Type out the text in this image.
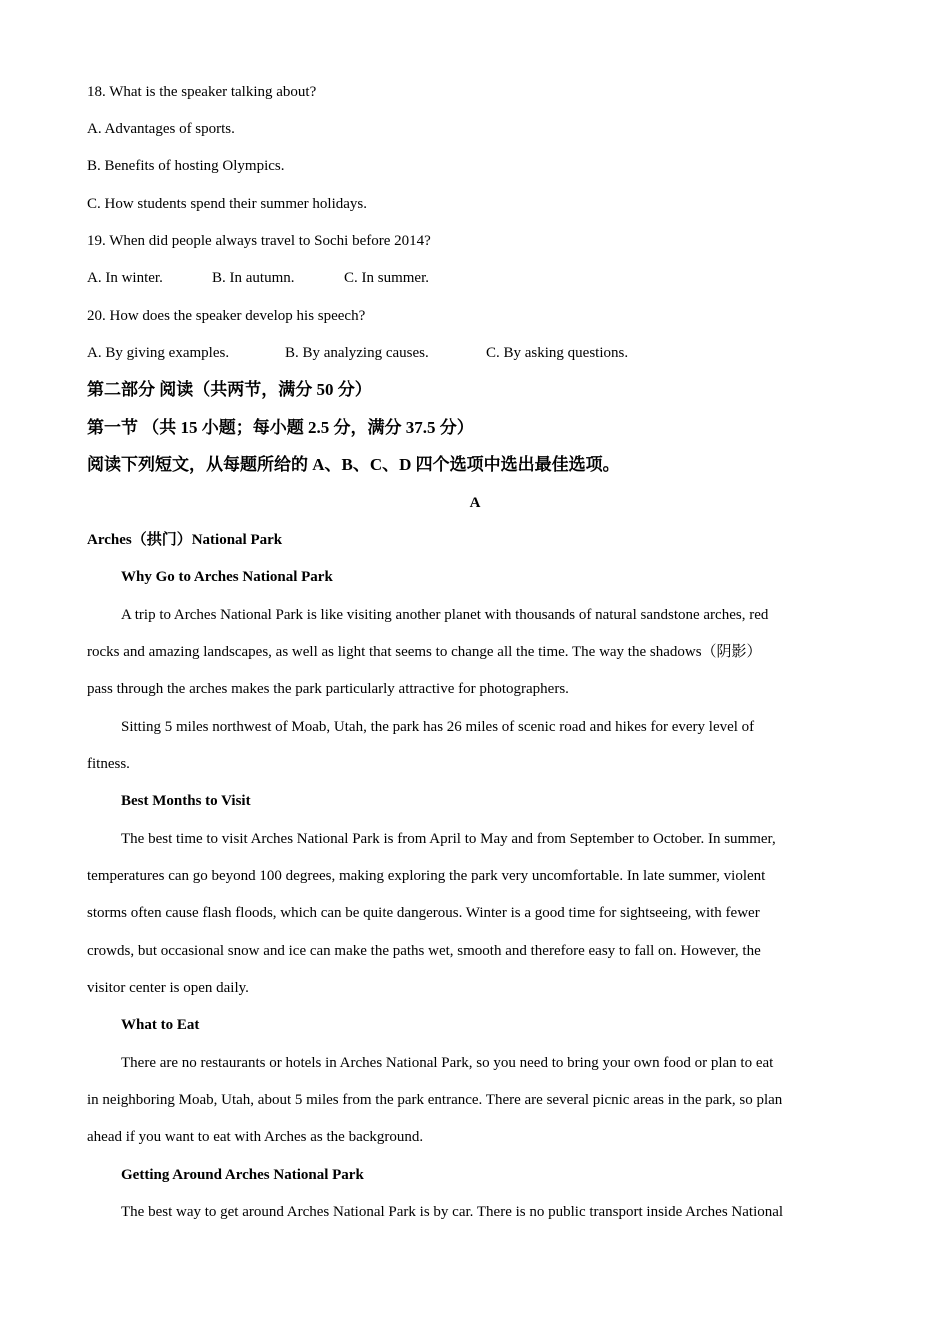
18. What is the speaker talking about?
A. Advantages of sports.
B. Benefits of hosting Olympics.
C. How students spend their summer holidays.
19. When did people always travel to Sochi before 2014?
A. In winter.	B. In autumn.	C. In summer.
20. How does the speaker develop his speech?
A. By giving examples.	B. By analyzing causes.	C. By asking questions.
第二部分 阅读（共两节，满分 50 分）
第一节 （共 15 小题；每小题 2.5 分，满分 37.5 分）
阅读下列短文，从每题所给的 A、B、C、D 四个选项中选出最佳选项。
A
Arches（拱门）National Park
Why Go to Arches National Park
A trip to Arches National Park is like visiting another planet with thousands of natural sandstone arches, red
rocks and amazing landscapes, as well as light that seems to change all the time. The way the shadows（阴影）
pass through the arches makes the park particularly attractive for photographers.
Sitting 5 miles northwest of Moab, Utah, the park has 26 miles of scenic road and hikes for every level of
fitness.
Best Months to Visit
The best time to visit Arches National Park is from April to May and from September to October. In summer,
temperatures can go beyond 100 degrees, making exploring the park very uncomfortable. In late summer, violent
storms often cause flash floods, which can be quite dangerous. Winter is a good time for sightseeing, with fewer
crowds, but occasional snow and ice can make the paths wet, smooth and therefore easy to fall on. However, the
visitor center is open daily.
What to Eat
There are no restaurants or hotels in Arches National Park, so you need to bring your own food or plan to eat
in neighboring Moab, Utah, about 5 miles from the park entrance. There are several picnic areas in the park, so plan
ahead if you want to eat with Arches as the background.
Getting Around Arches National Park
The best way to get around Arches National Park is by car. There is no public transport inside Arches National
